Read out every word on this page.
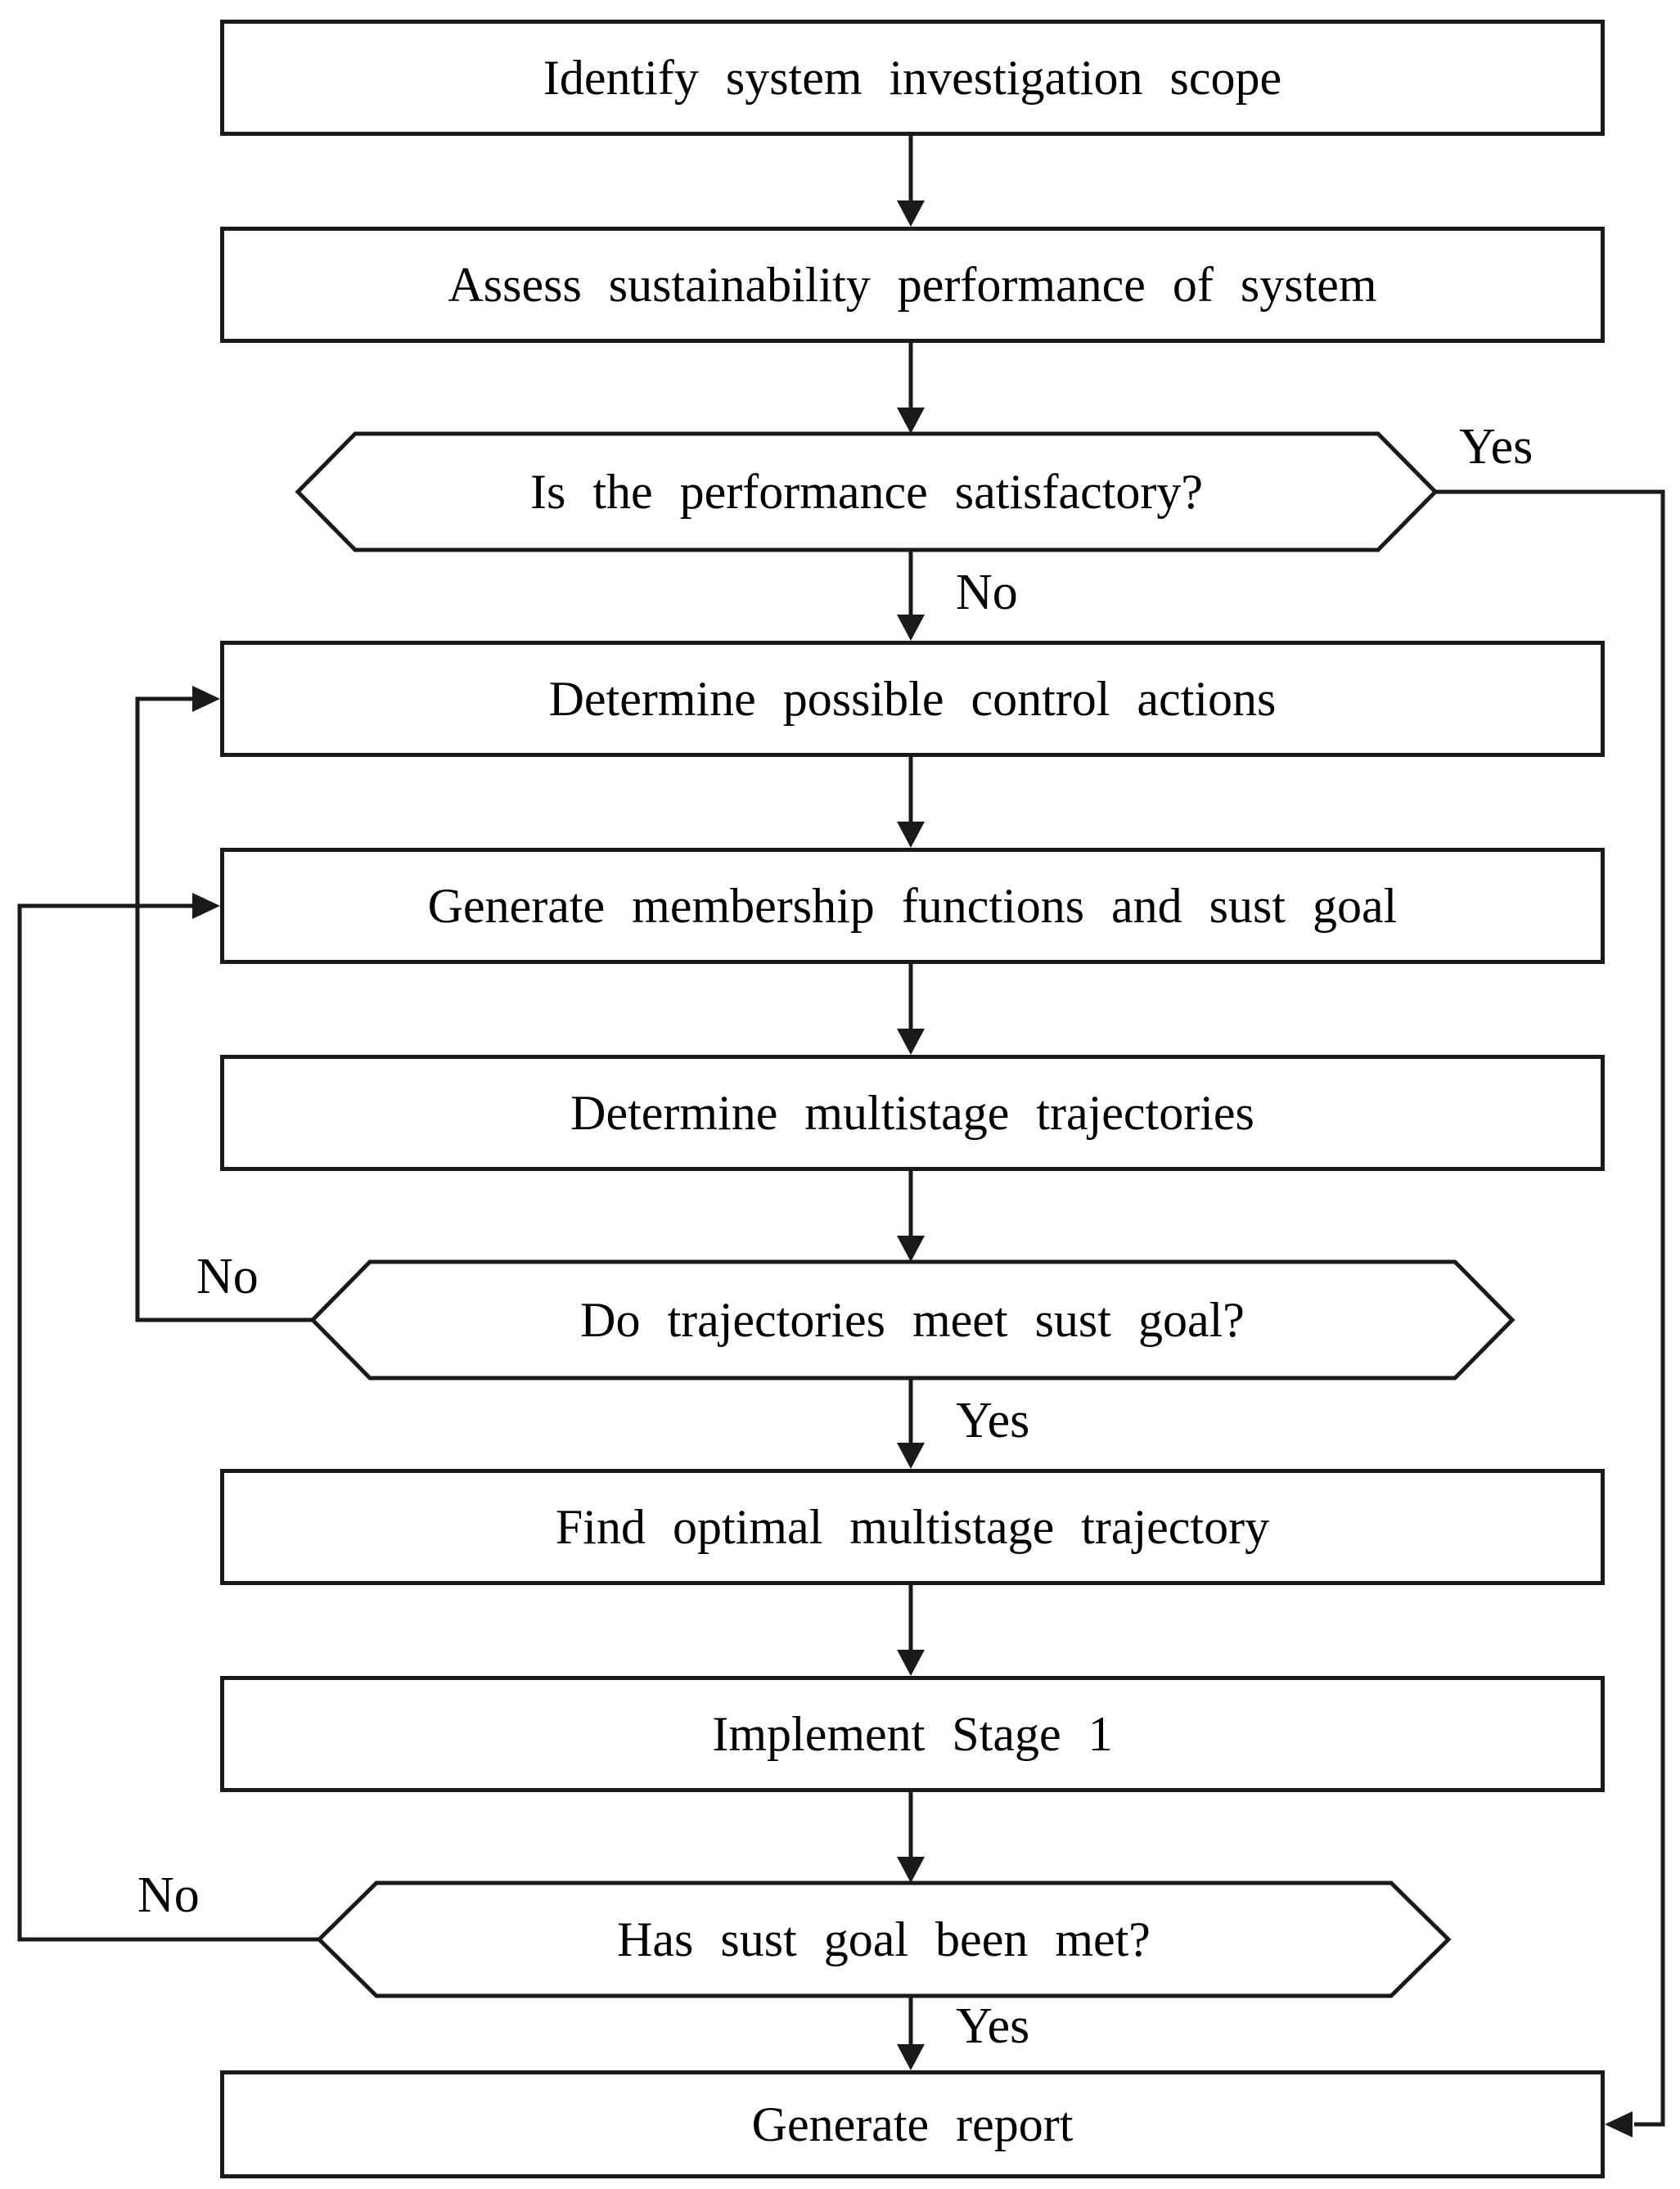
Identify system investigation scope
Assess sustainability performance of system
Is the performance satisfactory?
Determine possible control actions
Generate membership functions and sust goal
Determine multistage trajectories
Do trajectories meet sust goal?
Find optimal multistage trajectory
Implement Stage 1
Has sust goal been met?
Generate report
Yes
No
No
Yes
No
Yes
